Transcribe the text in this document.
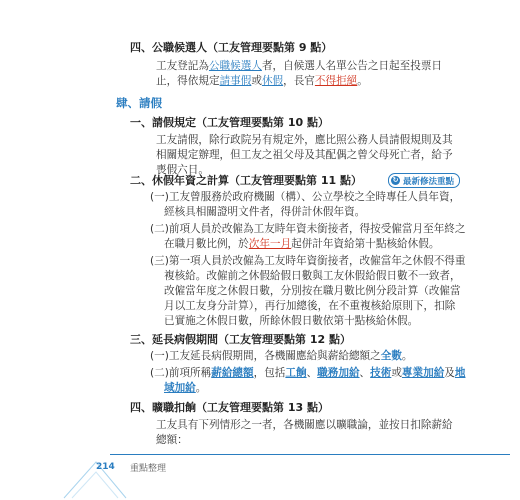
四、公職候選人（工友管理要點第 9 點）
工友登記為公職候選人者，自候選人名單公告之日起至投票日
止，得依規定請事假或休假，長官不得拒絕。
肆、請假
一、請假規定（工友管理要點第 10 點）
工友請假，除行政院另有規定外，應比照公務人員請假規則及其
相關規定辦理，但工友之祖父母及其配偶之曾父母死亡者，給予
喪假六日。
二、休假年資之計算（工友管理要點第 11 點）	↻ 最新修法重點
(一)工友曾服務於政府機關（構）、公立學校之全時專任人員年資，
經核具相關證明文件者，得併計休假年資。
(二)前項人員於改僱為工友時年資未銜接者，得按受僱當月至年終之
在職月數比例，於次年一月起併計年資給第十點核給休假。
(三)第一項人員於改僱為工友時年資銜接者，改僱當年之休假不得重
複核給。改僱前之休假給假日數與工友休假給假日數不一致者，
改僱當年度之休假日數，分別按在職月數比例分段計算（改僱當
月以工友身分計算），再行加總後，在不重複核給原則下，扣除
已實施之休假日數，所餘休假日數依第十點核給休假。
三、延長病假期間（工友管理要點第 12 點）
(一)工友延長病假期間，各機關應給與薪給總額之全數。
(二)前項所稱薪給總額，包括工餉、職務加給、技術或專業加給及地
域加給。
四、曠職扣餉（工友管理要點第 13 點）
工友具有下列情形之一者，各機關應以曠職論，並按日扣除薪給
總額：
214 重點整理
